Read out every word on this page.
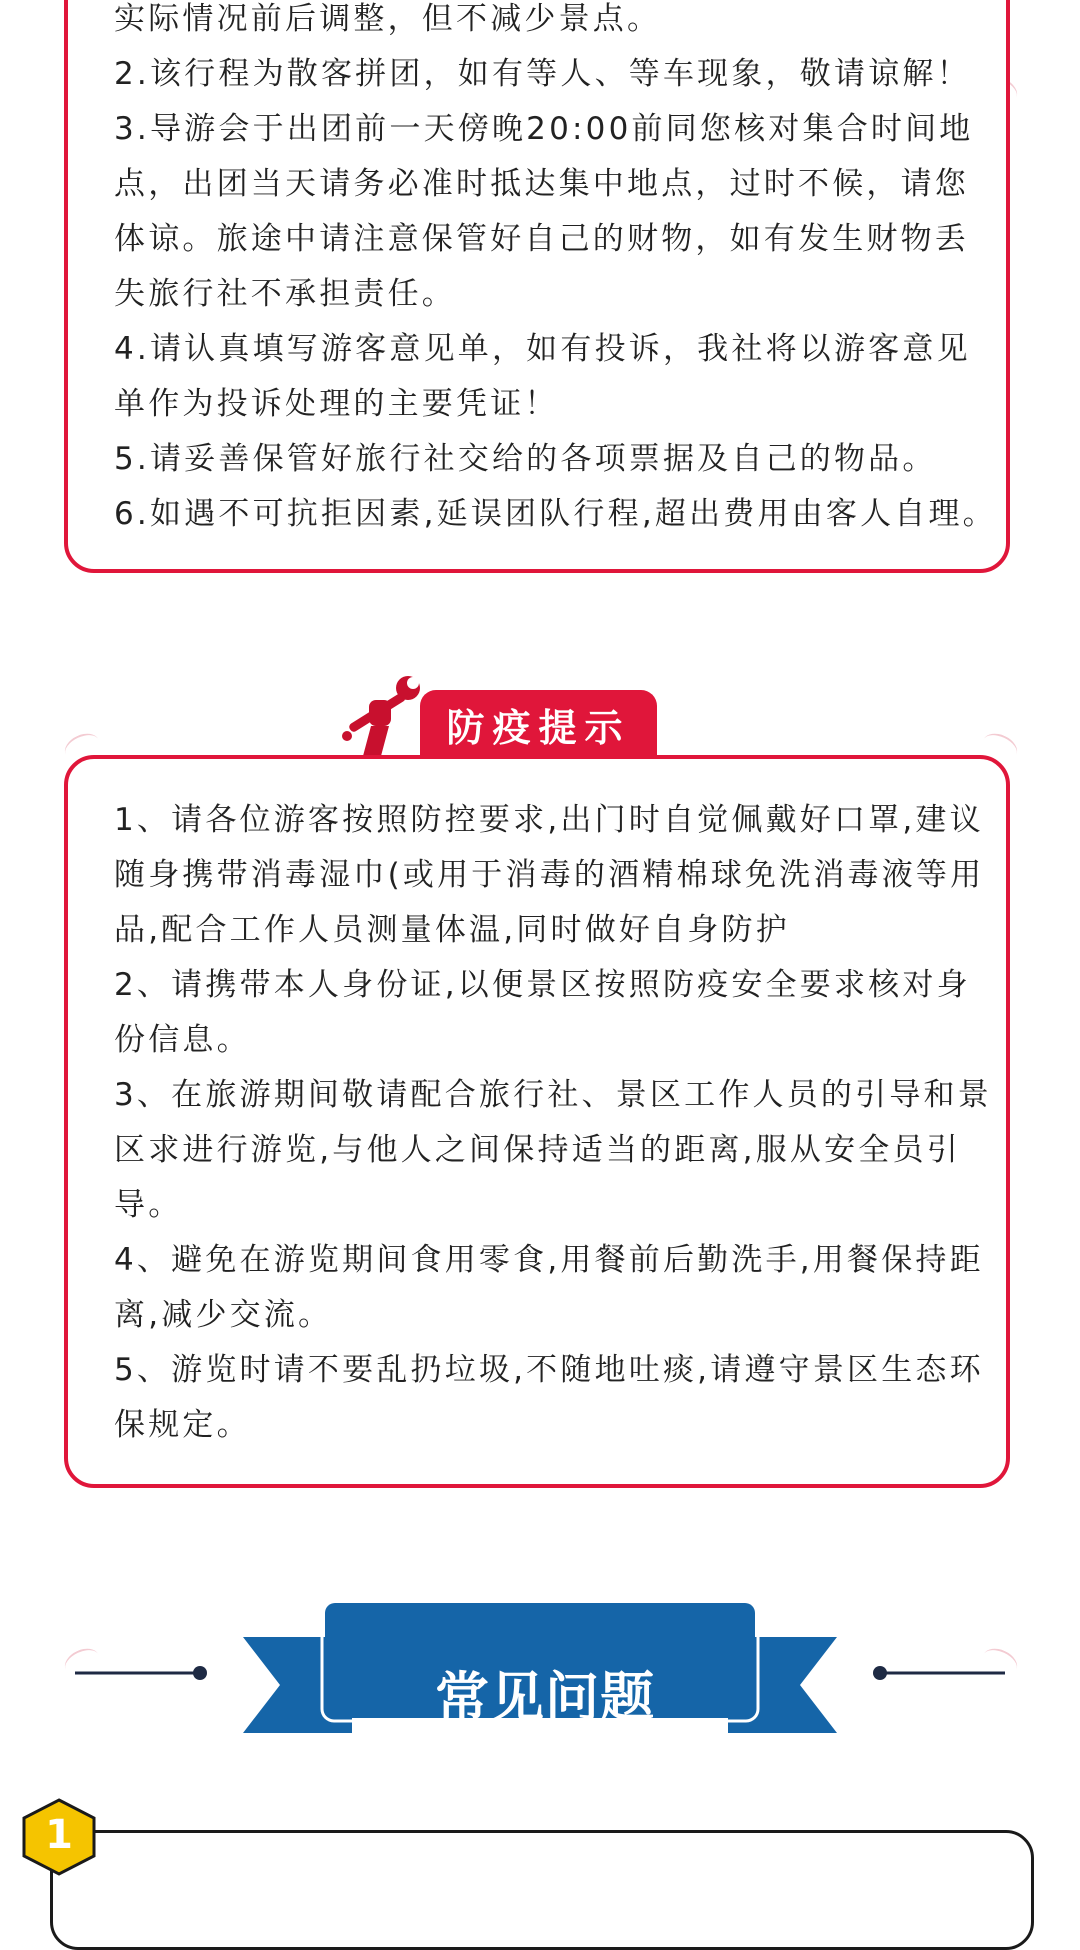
实际情况前后调整，但不减少景点。
2.该行程为散客拼团，如有等人、等车现象，敬请谅解！
3.导游会于出团前一天傍晚20:00前同您核对集合时间地
点，出团当天请务必准时抵达集中地点，过时不候，请您
体谅。旅途中请注意保管好自己的财物，如有发生财物丢
失旅行社不承担责任。
4.请认真填写游客意见单，如有投诉，我社将以游客意见
单作为投诉处理的主要凭证！
5.请妥善保管好旅行社交给的各项票据及自己的物品。
6.如遇不可抗拒因素,延误团队行程,超出费用由客人自理。
防疫提示
1、请各位游客按照防控要求,出门时自觉佩戴好口罩,建议
随身携带消毒湿巾(或用于消毒的酒精棉球免洗消毒液等用
品,配合工作人员测量体温,同时做好自身防护
2、请携带本人身份证,以便景区按照防疫安全要求核对身
份信息。
3、在旅游期间敬请配合旅行社、景区工作人员的引导和景
区求进行游览,与他人之间保持适当的距离,服从安全员引
导。
4、避免在游览期间食用零食,用餐前后勤洗手,用餐保持距
离,减少交流。
5、游览时请不要乱扔垃圾,不随地吐痰,请遵守景区生态环
保规定。
常见问题Q&A
1
